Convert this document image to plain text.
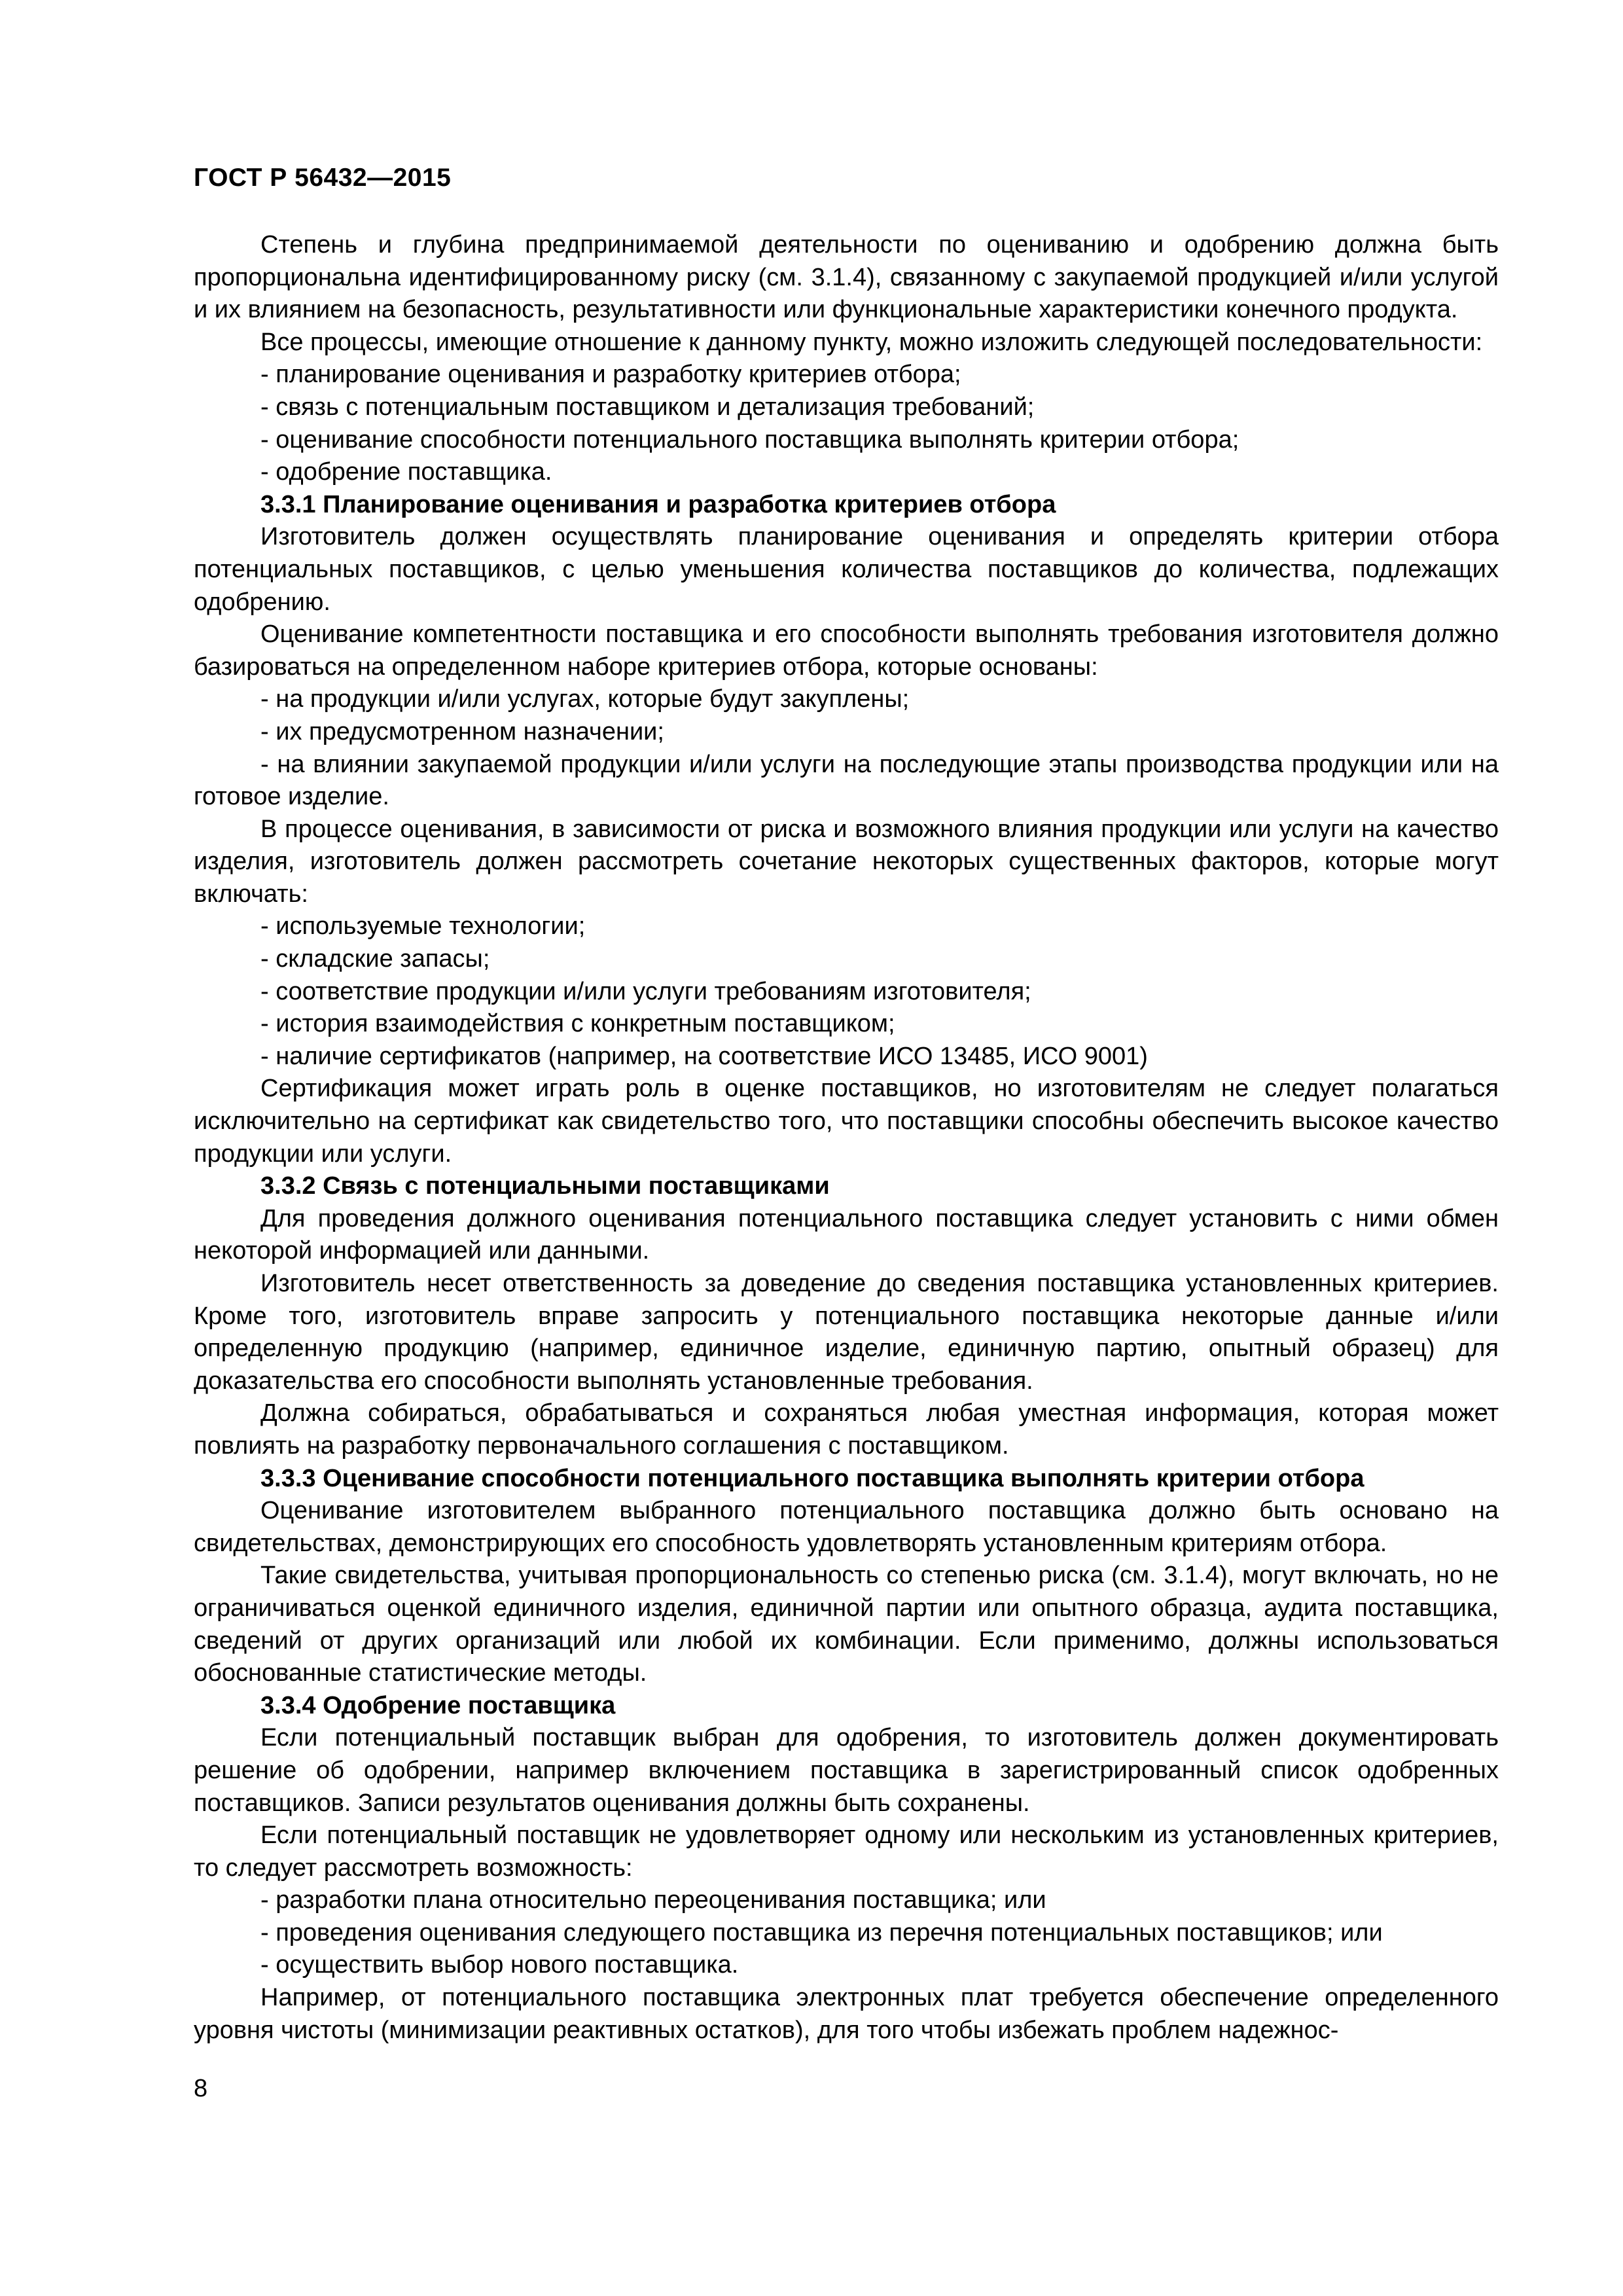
ГОСТ Р 56432—2015

Степень и глубина предпринимаемой деятельности по оцениванию и одобрению должна быть пропорциональна идентифицированному риску (см. 3.1.4), связанному с закупаемой продукцией и/или услугой и их влиянием на безопасность, результативности или функциональные характеристики конечного продукта.

Все процессы, имеющие отношение к данному пункту, можно изложить следующей последовательности:

- планирование оценивания и разработку критериев отбора;

- связь с потенциальным поставщиком и детализация требований;

- оценивание способности потенциального поставщика выполнять критерии отбора;

- одобрение поставщика.

3.3.1 Планирование оценивания и разработка критериев отбора

Изготовитель должен осуществлять планирование оценивания и определять критерии отбора потенциальных поставщиков, с целью уменьшения количества поставщиков до количества, подлежащих одобрению.

Оценивание компетентности поставщика и его способности выполнять требования изготовителя должно базироваться на определенном наборе критериев отбора, которые основаны:

- на продукции и/или услугах, которые будут закуплены;

- их предусмотренном назначении;

- на влиянии закупаемой продукции и/или услуги на последующие этапы производства продукции или на готовое изделие.

В процессе оценивания, в зависимости от риска и возможного влияния продукции или услуги на качество изделия, изготовитель должен рассмотреть сочетание некоторых существенных факторов, которые могут включать:

- используемые технологии;

- складские запасы;

- соответствие продукции и/или услуги требованиям изготовителя;

- история взаимодействия с конкретным поставщиком;

- наличие сертификатов (например, на соответствие ИСО 13485, ИСО 9001)

Сертификация может играть роль в оценке поставщиков, но изготовителям не следует полагаться исключительно на сертификат как свидетельство того, что поставщики способны обеспечить высокое качество продукции или услуги.

3.3.2 Связь с потенциальными поставщиками

Для проведения должного оценивания потенциального поставщика следует установить с ними обмен некоторой информацией или данными.

Изготовитель несет ответственность за доведение до сведения поставщика установленных критериев. Кроме того, изготовитель вправе запросить у потенциального поставщика некоторые данные и/или определенную продукцию (например, единичное изделие, единичную партию, опытный образец) для доказательства его способности выполнять установленные требования.

Должна собираться, обрабатываться и сохраняться любая уместная информация, которая может повлиять на разработку первоначального соглашения с поставщиком.

3.3.3 Оценивание способности потенциального поставщика выполнять критерии отбора

Оценивание изготовителем выбранного потенциального поставщика должно быть основано на свидетельствах, демонстрирующих его способность удовлетворять установленным критериям отбора.

Такие свидетельства, учитывая пропорциональность со степенью риска (см. 3.1.4), могут включать, но не ограничиваться оценкой единичного изделия, единичной партии или опытного образца, аудита поставщика, сведений от других организаций или любой их комбинации. Если применимо, должны использоваться обоснованные статистические методы.

3.3.4 Одобрение поставщика

Если потенциальный поставщик выбран для одобрения, то изготовитель должен документировать решение об одобрении, например включением поставщика в зарегистрированный список одобренных поставщиков. Записи результатов оценивания должны быть сохранены.

Если потенциальный поставщик не удовлетворяет одному или нескольким из установленных критериев, то следует рассмотреть возможность:

- разработки плана относительно переоценивания поставщика; или

- проведения оценивания следующего поставщика из перечня потенциальных поставщиков; или

- осуществить выбор нового поставщика.

Например, от потенциального поставщика электронных плат требуется обеспечение определенного уровня чистоты (минимизации реактивных остатков), для того чтобы избежать проблем надежнос-

8
